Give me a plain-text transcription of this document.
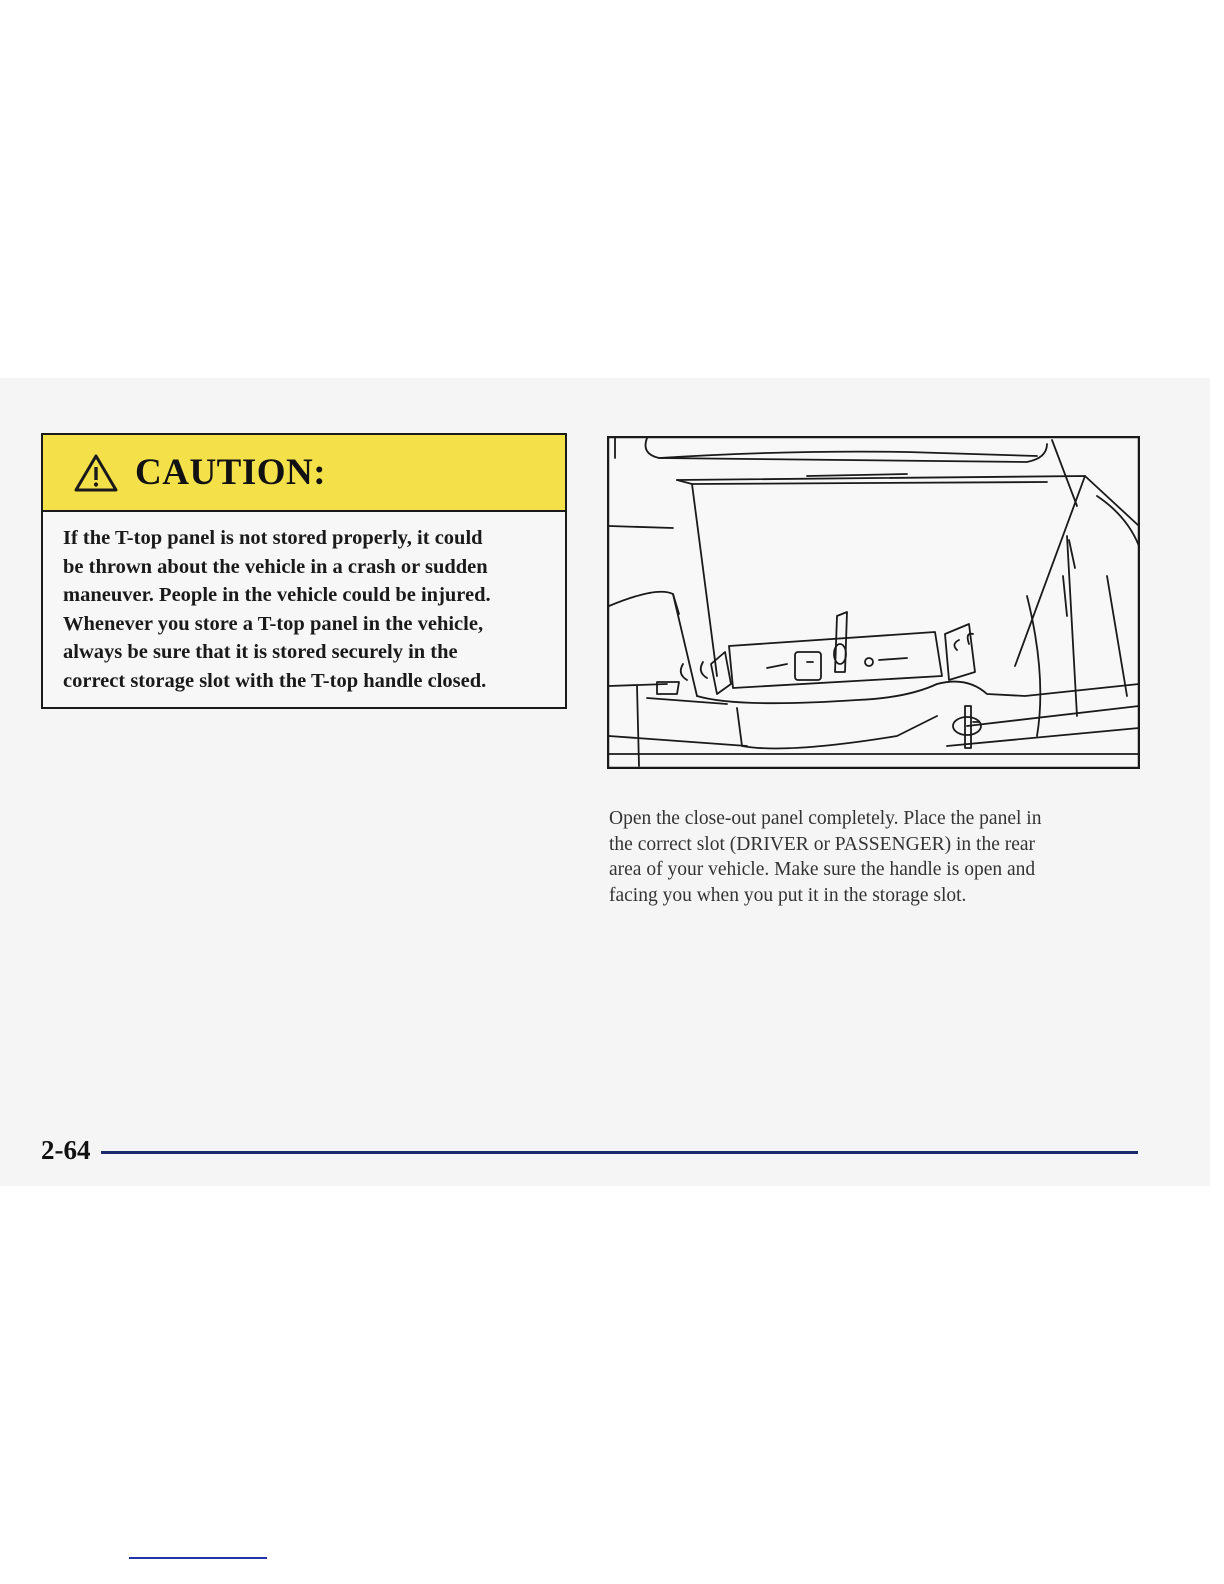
CAUTION:
If the T-top panel is not stored properly, it could
be thrown about the vehicle in a crash or sudden
maneuver. People in the vehicle could be injured.
Whenever you store a T-top panel in the vehicle,
always be sure that it is stored securely in the
correct storage slot with the T-top handle closed.
Open the close-out panel completely. Place the panel in
the correct slot (DRIVER or PASSENGER) in the rear
area of your vehicle. Make sure the handle is open and
facing you when you put it in the storage slot.
2-64
